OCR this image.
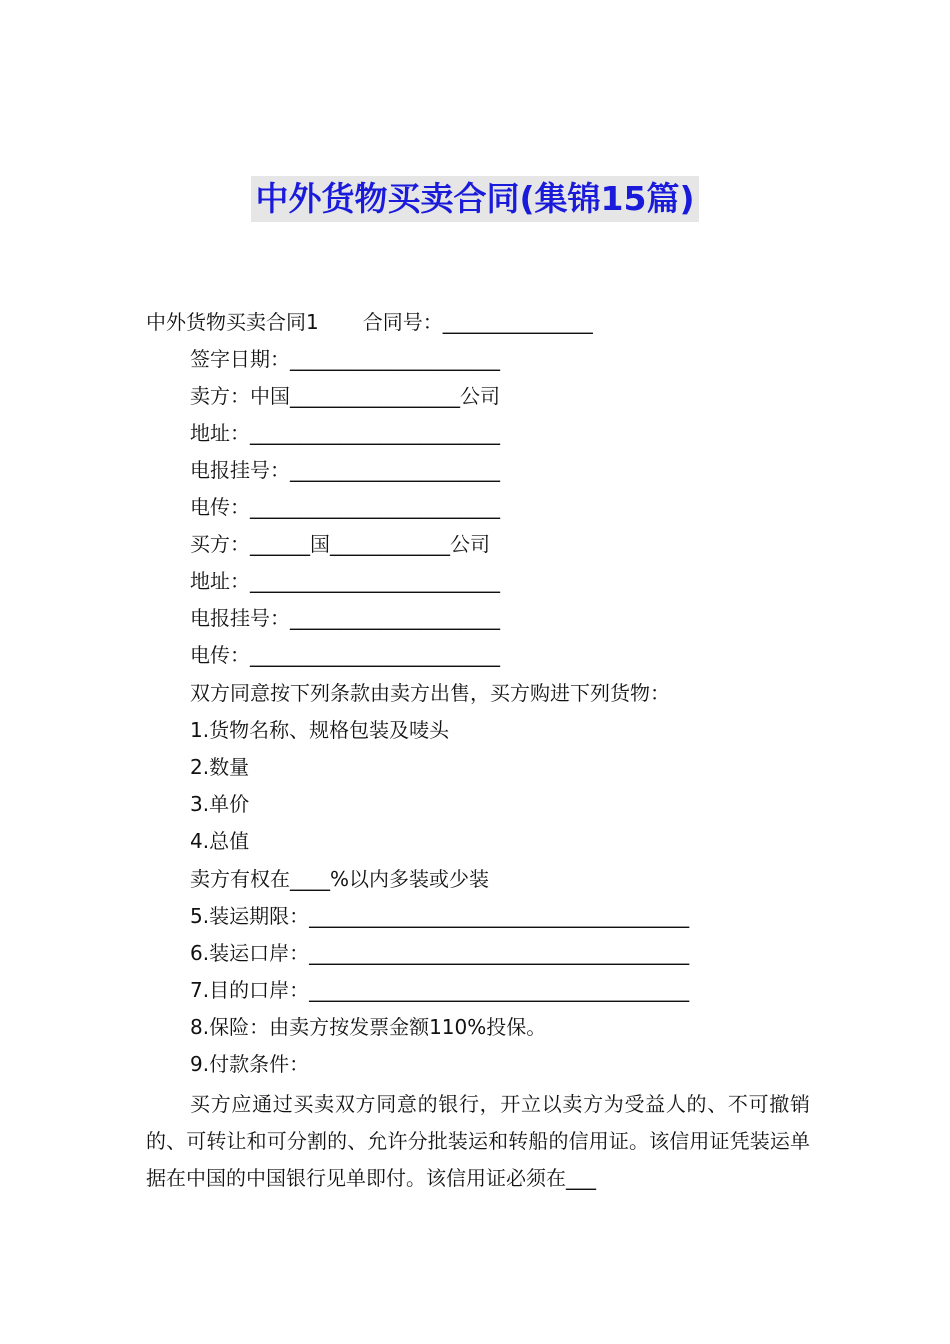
中外货物买卖合同(集锦15篇)
中外货物买卖合同1 合同号：_______________
签字日期：_____________________
卖方：中国_________________公司
地址：_________________________
电报挂号：_____________________
电传：_________________________
买方：______国____________公司
地址：_________________________
电报挂号：_____________________
电传：_________________________
双方同意按下列条款由卖方出售，买方购进下列货物：
1.货物名称、规格包装及唛头
2.数量
3.单价
4.总值
卖方有权在____%以内多装或少装
5.装运期限：______________________________________
6.装运口岸：______________________________________
7.目的口岸：______________________________________
8.保险：由卖方按发票金额110%投保。
9.付款条件：
买方应通过买卖双方同意的银行，开立以卖方为受益人的、不可撤销的、可转让和可分割的、允许分批装运和转船的信用证。该信用证凭装运单据在中国的中国银行见单即付。该信用证必须在___
